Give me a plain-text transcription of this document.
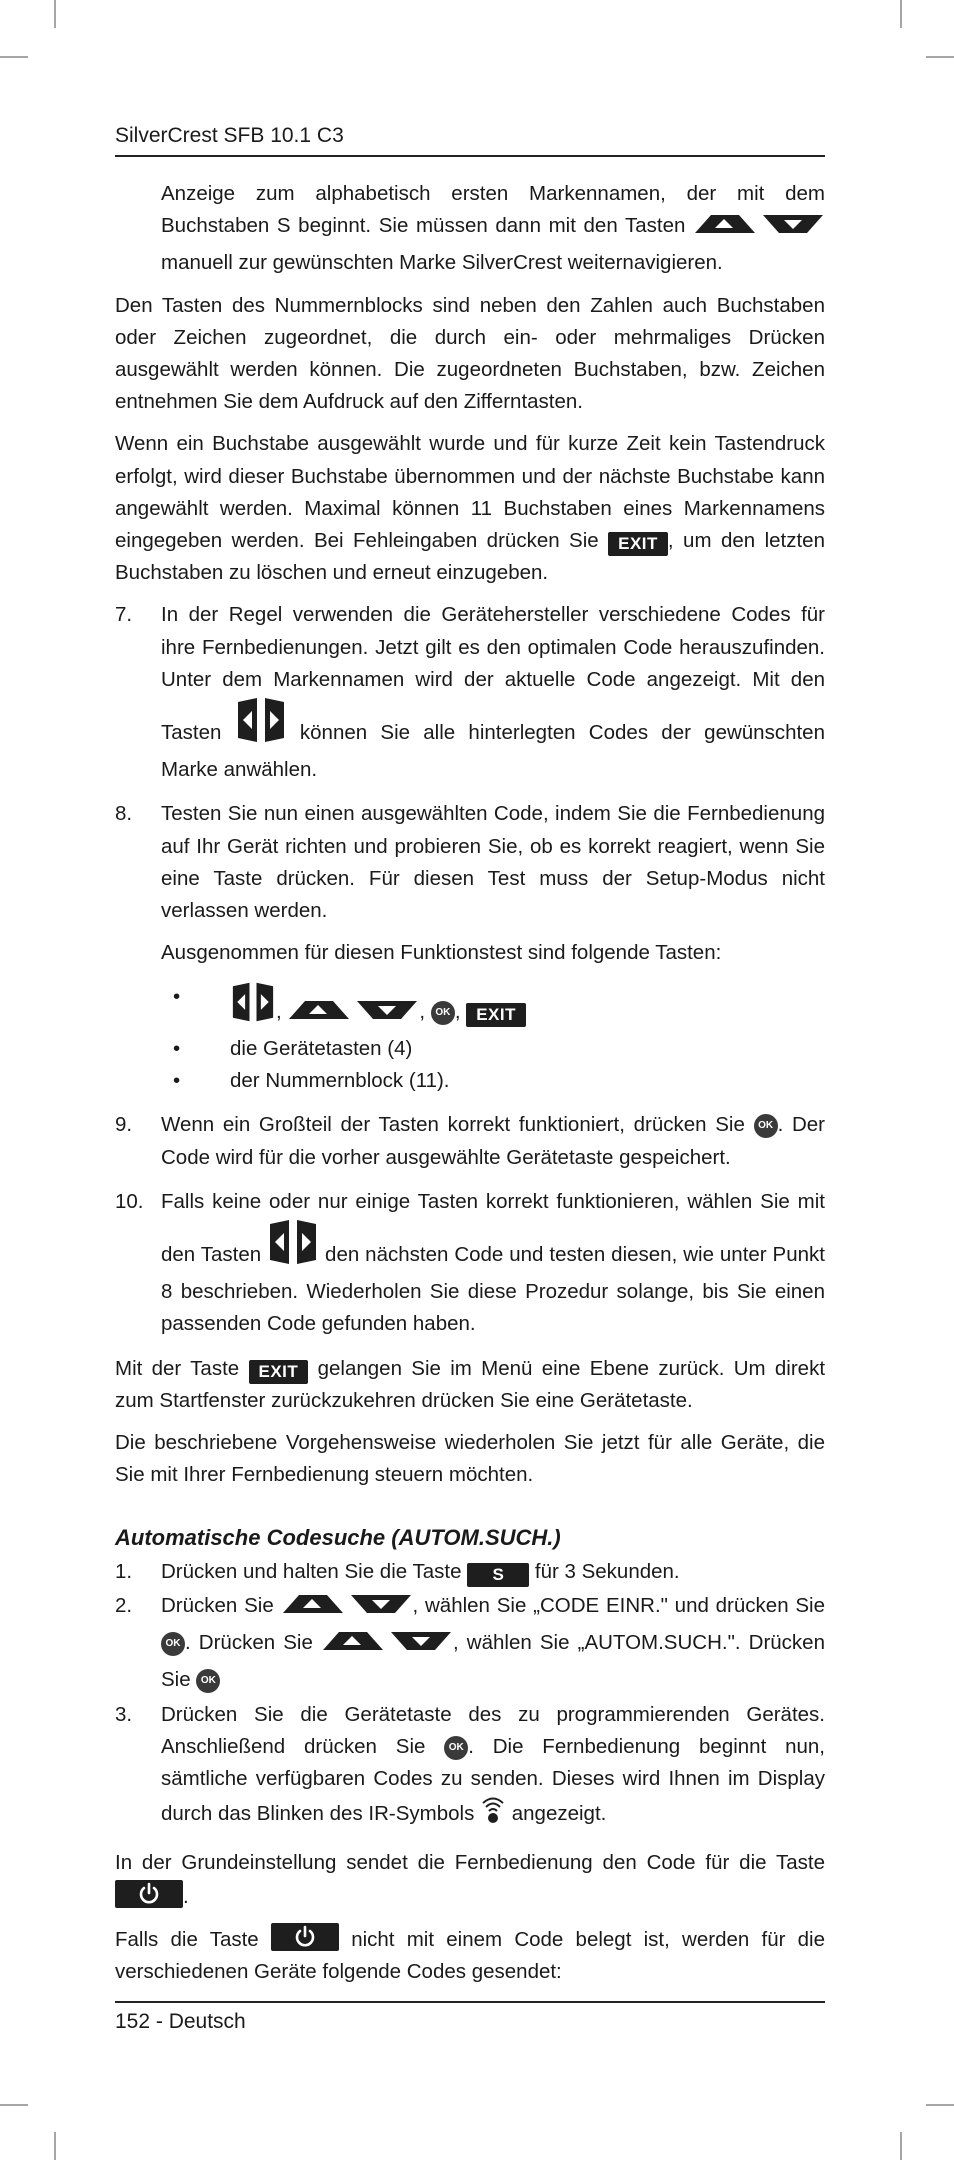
SilverCrest SFB 10.1 C3

Anzeige zum alphabetisch ersten Markennamen, der mit dem Buchstaben S beginnt. Sie müssen dann mit den Tasten  manuell zur gewünschten Marke SilverCrest weiternavigieren.

Den Tasten des Nummernblocks sind neben den Zahlen auch Buchstaben oder Zeichen zugeordnet, die durch ein- oder mehrmaliges Drücken ausgewählt werden können. Die zugeordneten Buchstaben, bzw. Zeichen entnehmen Sie dem Aufdruck auf den Zifferntasten.

Wenn ein Buchstabe ausgewählt wurde und für kurze Zeit kein Tastendruck erfolgt, wird dieser Buchstabe übernommen und der nächste Buchstabe kann angewählt werden. Maximal können 11 Buchstaben eines Markennamens eingegeben werden. Bei Fehleingaben drücken Sie EXIT , um den letzten Buchstaben zu löschen und erneut einzugeben.

7. In der Regel verwenden die Gerätehersteller verschiedene Codes für ihre Fernbedienungen. Jetzt gilt es den optimalen Code herauszufinden. Unter dem Markennamen wird der aktuelle Code angezeigt. Mit den Tasten	können Sie alle hinterlegten Codes der gewünschten Marke anwählen.

8. Testen Sie nun einen ausgewählten Code, indem Sie die Fernbedienung auf Ihr Gerät richten und probieren Sie, ob es korrekt reagiert, wenn Sie eine Taste drücken. Für diesen Test muss der Setup-Modus nicht verlassen werden.

Ausgenommen für diesen Funktionstest sind folgende Tasten:

• ,	, OK , EXIT
• die Gerätetasten (4)
• der Nummernblock (11).
9. Wenn ein Großteil der Tasten korrekt funktioniert, drücken Sie OK . Der Code wird für die vorher ausgewählte Gerätetaste gespeichert.

10. Falls keine oder nur einige Tasten korrekt funktionieren, wählen Sie mit den Tasten	den nächsten Code und testen diesen, wie unter Punkt 8 beschrieben. Wiederholen Sie diese Prozedur solange, bis Sie einen passenden Code gefunden haben.

Mit der Taste EXIT gelangen Sie im Menü eine Ebene zurück. Um direkt zum Startfenster zurückzukehren drücken Sie eine Gerätetaste.

Die beschriebene Vorgehensweise wiederholen Sie jetzt für alle Geräte, die Sie mit Ihrer Fernbedienung steuern möchten.

Automatische Codesuche (AUTOM.SUCH.)
1. Drücken und halten Sie die Taste S für 3 Sekunden.

2. Drücken Sie	, wählen Sie „CODE EINR." und drücken Sie OK . Drücken Sie	, wählen Sie „AUTOM.SUCH.". Drücken Sie OK

3. Drücken Sie die Gerätetaste des zu programmierenden Gerätes. Anschließend drücken Sie OK . Die Fernbedienung beginnt nun, sämtliche verfügbaren Codes zu senden. Dieses wird Ihnen im Display durch das Blinken des IR-Symbols angezeigt.

In der Grundeinstellung sendet die Fernbedienung den Code für die Taste
.

Falls die Taste	nicht mit einem Code belegt ist, werden für die verschiedenen Geräte folgende Codes gesendet:

152 - Deutsch
